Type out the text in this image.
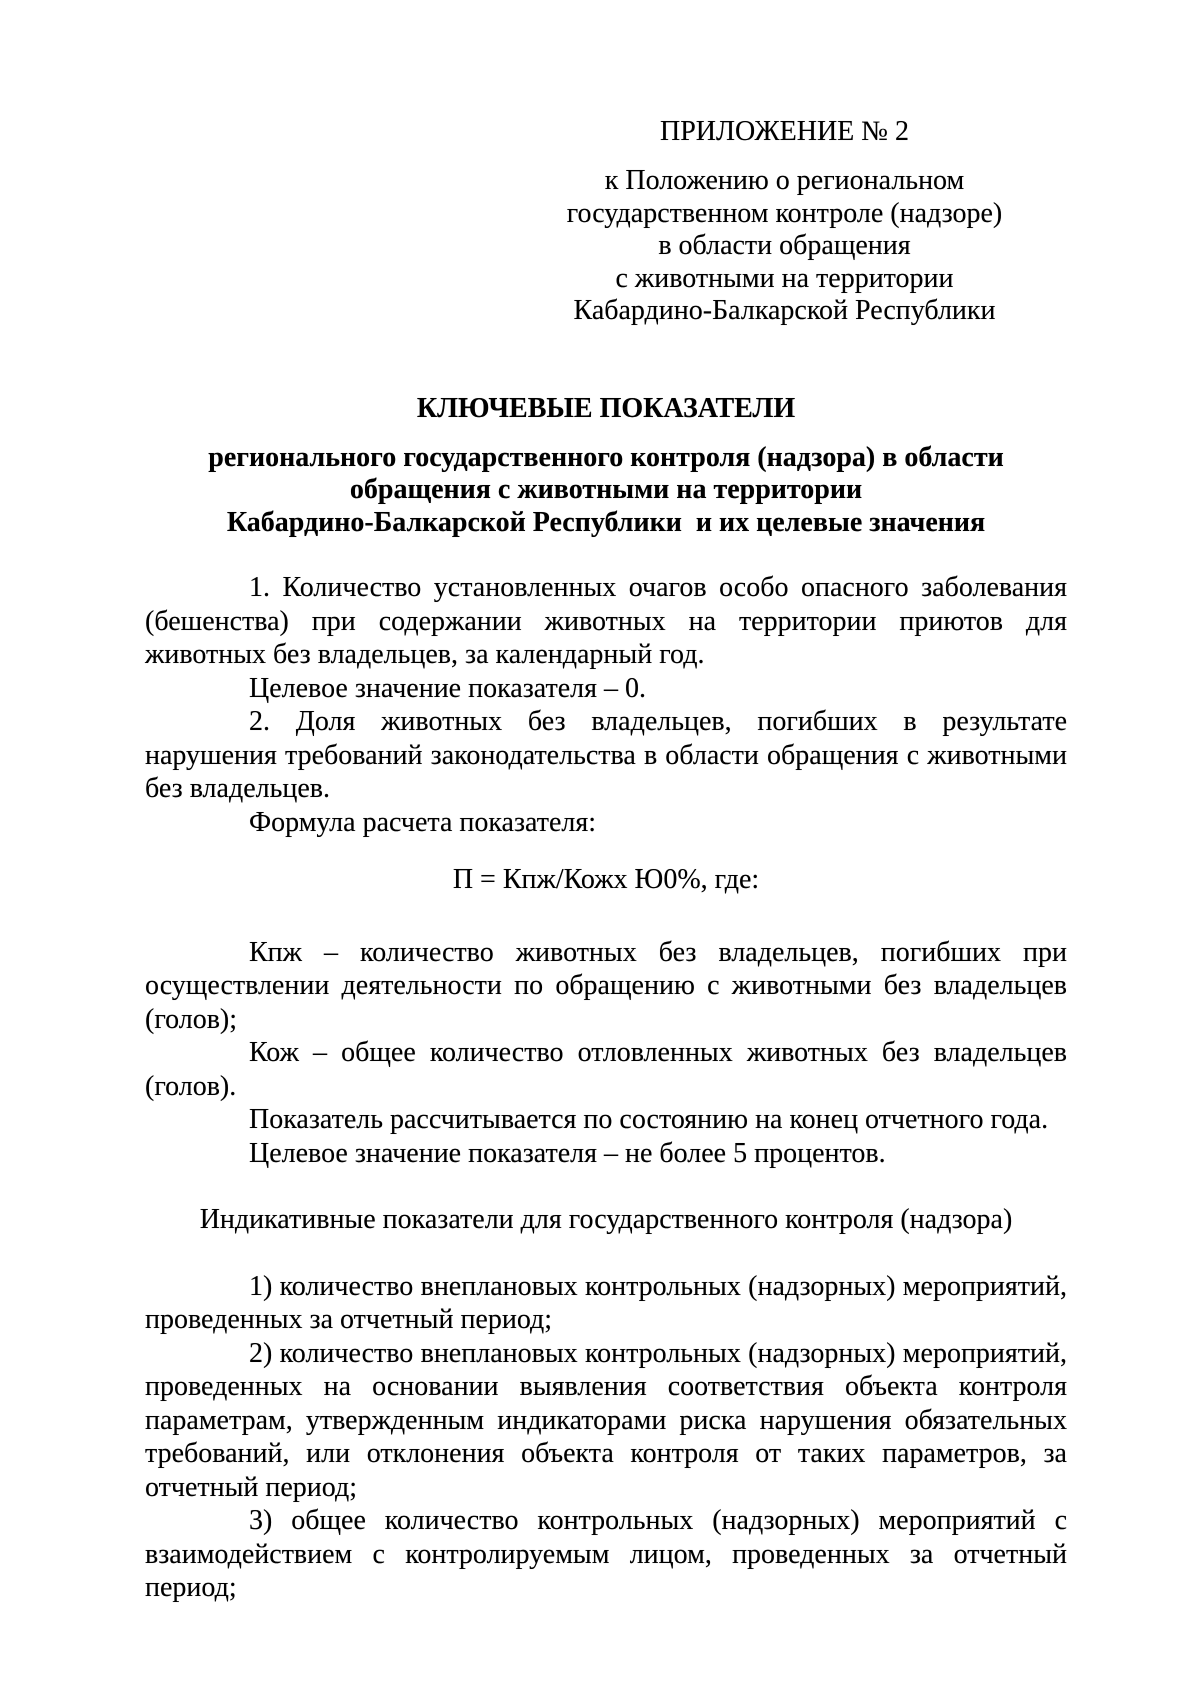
ПРИЛОЖЕНИЕ № 2

к Положению о региональном

государственном контроле (надзоре)

в области обращения

с животными на территории

Кабардино-Балкарской Республики

КЛЮЧЕВЫЕ ПОКАЗАТЕЛИ

регионального государственного контроля (надзора) в области

обращения с животными на территории

Кабардино-Балкарской Республики  и их целевые значения

1. Количество установленных очагов особо опасного заболевания (бешенства) при содержании животных на территории приютов для животных без владельцев, за календарный год.

Целевое значение показателя – 0.

2. Доля животных без владельцев, погибших в результате нарушения требований законодательства в области обращения с животными без владельцев.

Формула расчета показателя:

П = Кпж/Кожх Ю0%, где:

Кпж – количество животных без владельцев, погибших при осуществлении деятельности по обращению с животными без владельцев (голов);

Кож – общее количество отловленных животных без владельцев (голов).

Показатель рассчитывается по состоянию на конец отчетного года.

Целевое значение показателя – не более 5 процентов.

Индикативные показатели для государственного контроля (надзора)

1) количество внеплановых контрольных (надзорных) мероприятий, проведенных за отчетный период;

2) количество внеплановых контрольных (надзорных) мероприятий, проведенных на основании выявления соответствия объекта контроля параметрам, утвержденным индикаторами риска нарушения обязательных требований, или отклонения объекта контроля от таких параметров, за отчетный период;

3) общее количество контрольных (надзорных) мероприятий с взаимодействием с контролируемым лицом, проведенных за отчетный период;
